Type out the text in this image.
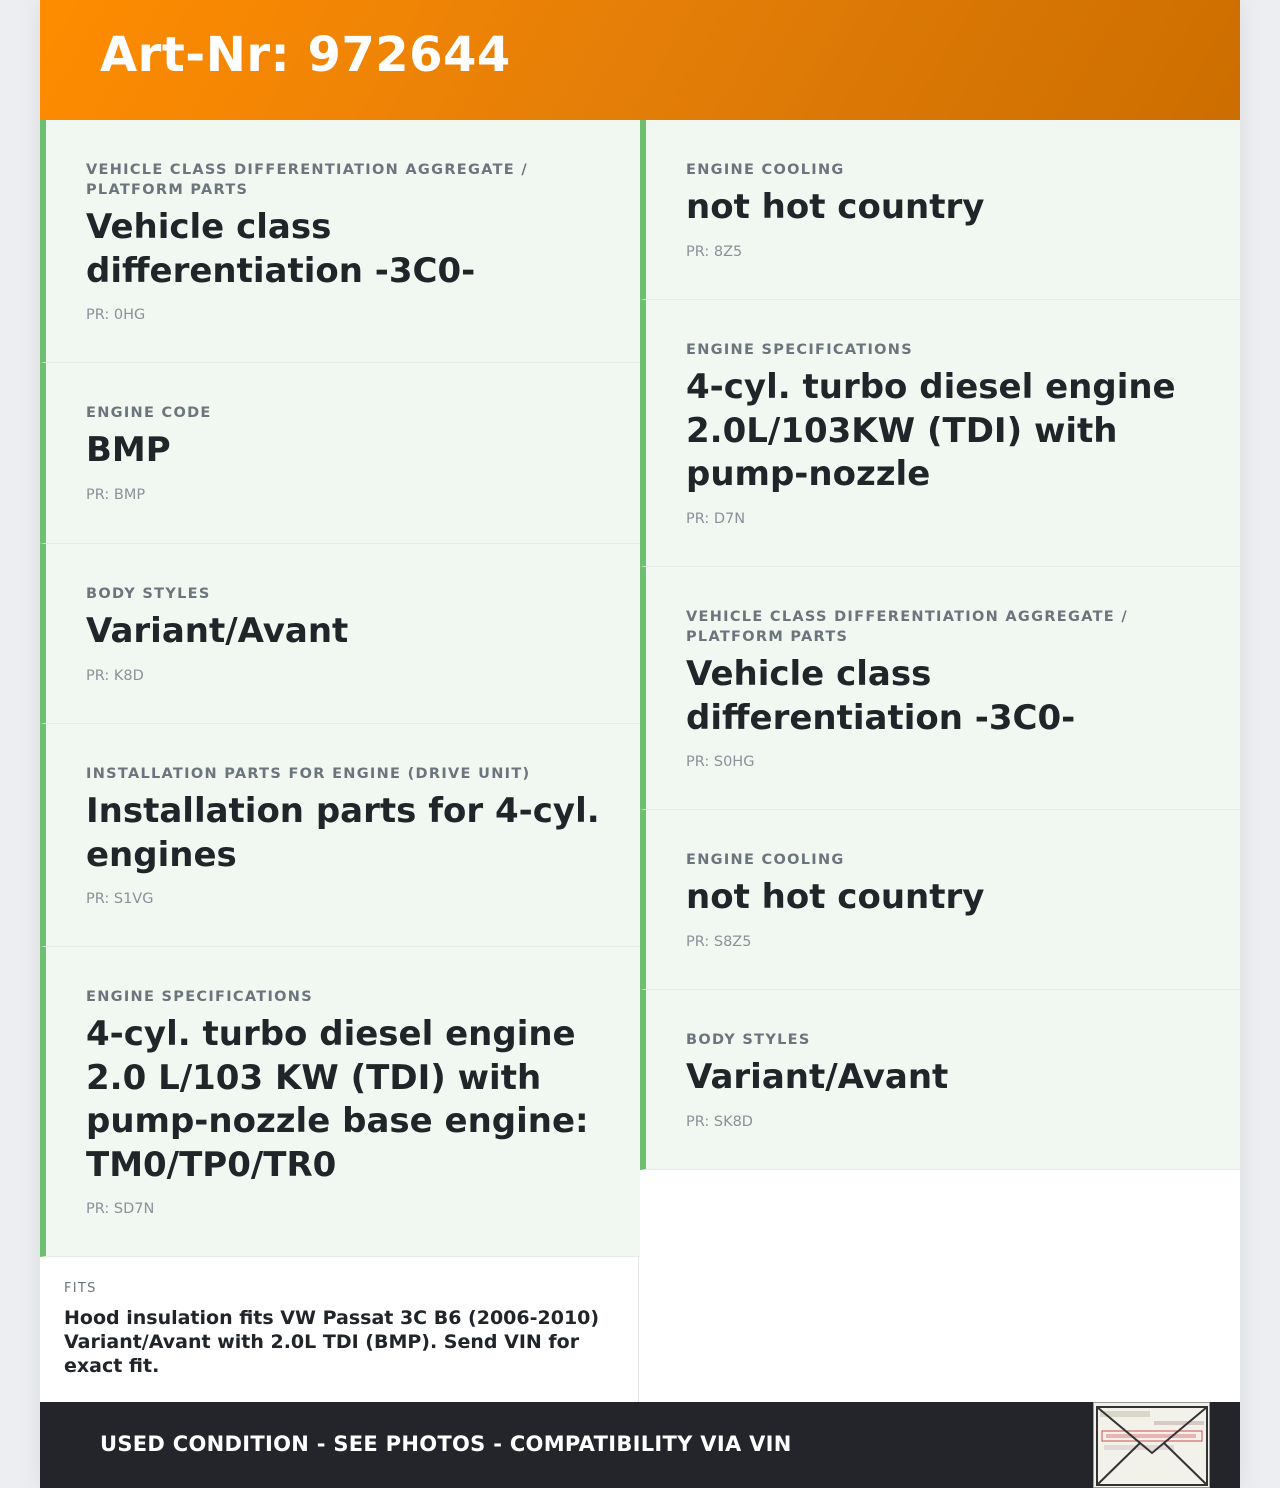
Art-Nr: 972644
VEHICLE CLASS DIFFERENTIATION AGGREGATE / PLATFORM PARTS
Vehicle class differentiation -3C0-
PR: 0HG
ENGINE CODE
BMP
PR: BMP
BODY STYLES
Variant/Avant
PR: K8D
INSTALLATION PARTS FOR ENGINE (DRIVE UNIT)
Installation parts for 4-cyl. engines
PR: S1VG
ENGINE SPECIFICATIONS
4-cyl. turbo diesel engine 2.0 L/103 KW (TDI) with pump-nozzle base engine: TM0/TP0/TR0
PR: SD7N
ENGINE COOLING
not hot country
PR: 8Z5
ENGINE SPECIFICATIONS
4-cyl. turbo diesel engine 2.0L/103KW (TDI) with pump-nozzle
PR: D7N
VEHICLE CLASS DIFFERENTIATION AGGREGATE / PLATFORM PARTS
Vehicle class differentiation -3C0-
PR: S0HG
ENGINE COOLING
not hot country
PR: S8Z5
BODY STYLES
Variant/Avant
PR: SK8D
FITS
Hood insulation fits VW Passat 3C B6 (2006-2010) Variant/Avant with 2.0L TDI (BMP). Send VIN for exact fit.
USED CONDITION - SEE PHOTOS - COMPATIBILITY VIA VIN
